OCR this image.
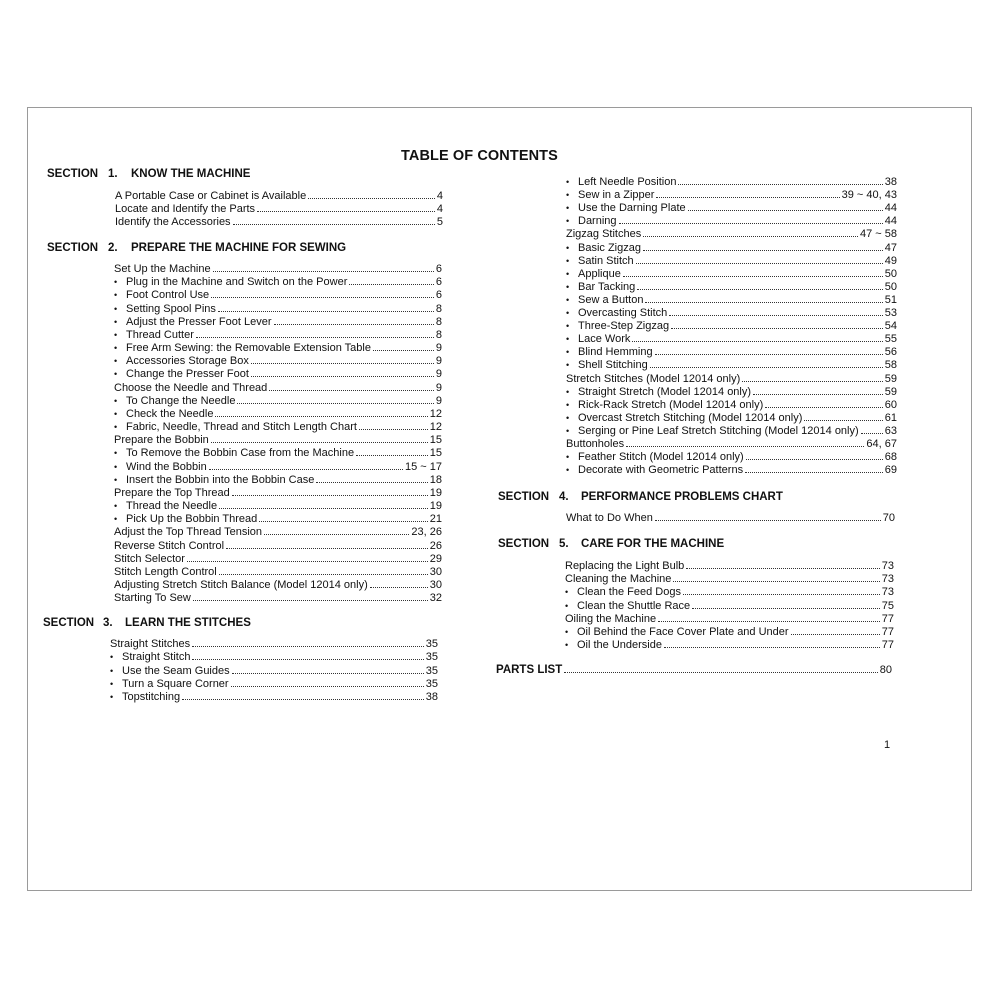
TABLE OF CONTENTS
SECTION 1. KNOW THE MACHINE
SECTION 2. PREPARE THE MACHINE FOR SEWING
SECTION 3. LEARN THE STITCHES
SECTION 4. PERFORMANCE PROBLEMS CHART
SECTION 5. CARE FOR THE MACHINE
A Portable Case or Cabinet is Available	4
Locate and Identify the Parts	4
Identify the Accessories	5
Set Up the Machine	6
• Plug in the Machine and Switch on the Power	6
• Foot Control Use	6
• Setting Spool Pins	8
• Adjust the Presser Foot Lever	8
• Thread Cutter	8
• Free Arm Sewing: the Removable Extension Table	9
• Accessories Storage Box	9
• Change the Presser Foot	9
Choose the Needle and Thread	9
• To Change the Needle	9
• Check the Needle	12
• Fabric, Needle, Thread and Stitch Length Chart	12
Prepare the Bobbin	15
• To Remove the Bobbin Case from the Machine	15
• Wind the Bobbin	15 ~ 17
• Insert the Bobbin into the Bobbin Case	18
Prepare the Top Thread	19
• Thread the Needle	19
• Pick Up the Bobbin Thread	21
Adjust the Top Thread Tension	23, 26
Reverse Stitch Control	26
Stitch Selector	29
Stitch Length Control	30
Adjusting Stretch Stitch Balance (Model 12014 only)	30
Starting To Sew	32
Straight Stitches	35
• Straight Stitch	35
• Use the Seam Guides	35
• Turn a Square Corner	35
• Topstitching	38
• Left Needle Position	38
• Sew in a Zipper	39 ~ 40, 43
• Use the Darning Plate	44
• Darning	44
Zigzag Stitches	47 ~ 58
• Basic Zigzag	47
• Satin Stitch	49
• Applique	50
• Bar Tacking	50
• Sew a Button	51
• Overcasting Stitch	53
• Three-Step Zigzag	54
• Lace Work	55
• Blind Hemming	56
• Shell Stitching	58
Stretch Stitches (Model 12014 only)	59
• Straight Stretch (Model 12014 only)	59
• Rick-Rack Stretch (Model 12014 only)	60
• Overcast Stretch Stitching (Model 12014 only)	61
• Serging or Pine Leaf Stretch Stitching (Model 12014 only) 63
Buttonholes	64, 67
• Feather Stitch (Model 12014 only)	68
• Decorate with Geometric Patterns	69
What to Do When	70
Replacing the Light Bulb	73
Cleaning the Machine	73
• Clean the Feed Dogs	73
• Clean the Shuttle Race	75
Oiling the Machine	77
• Oil Behind the Face Cover Plate and Under	77
• Oil the Underside	77
PARTS LIST	80
1
